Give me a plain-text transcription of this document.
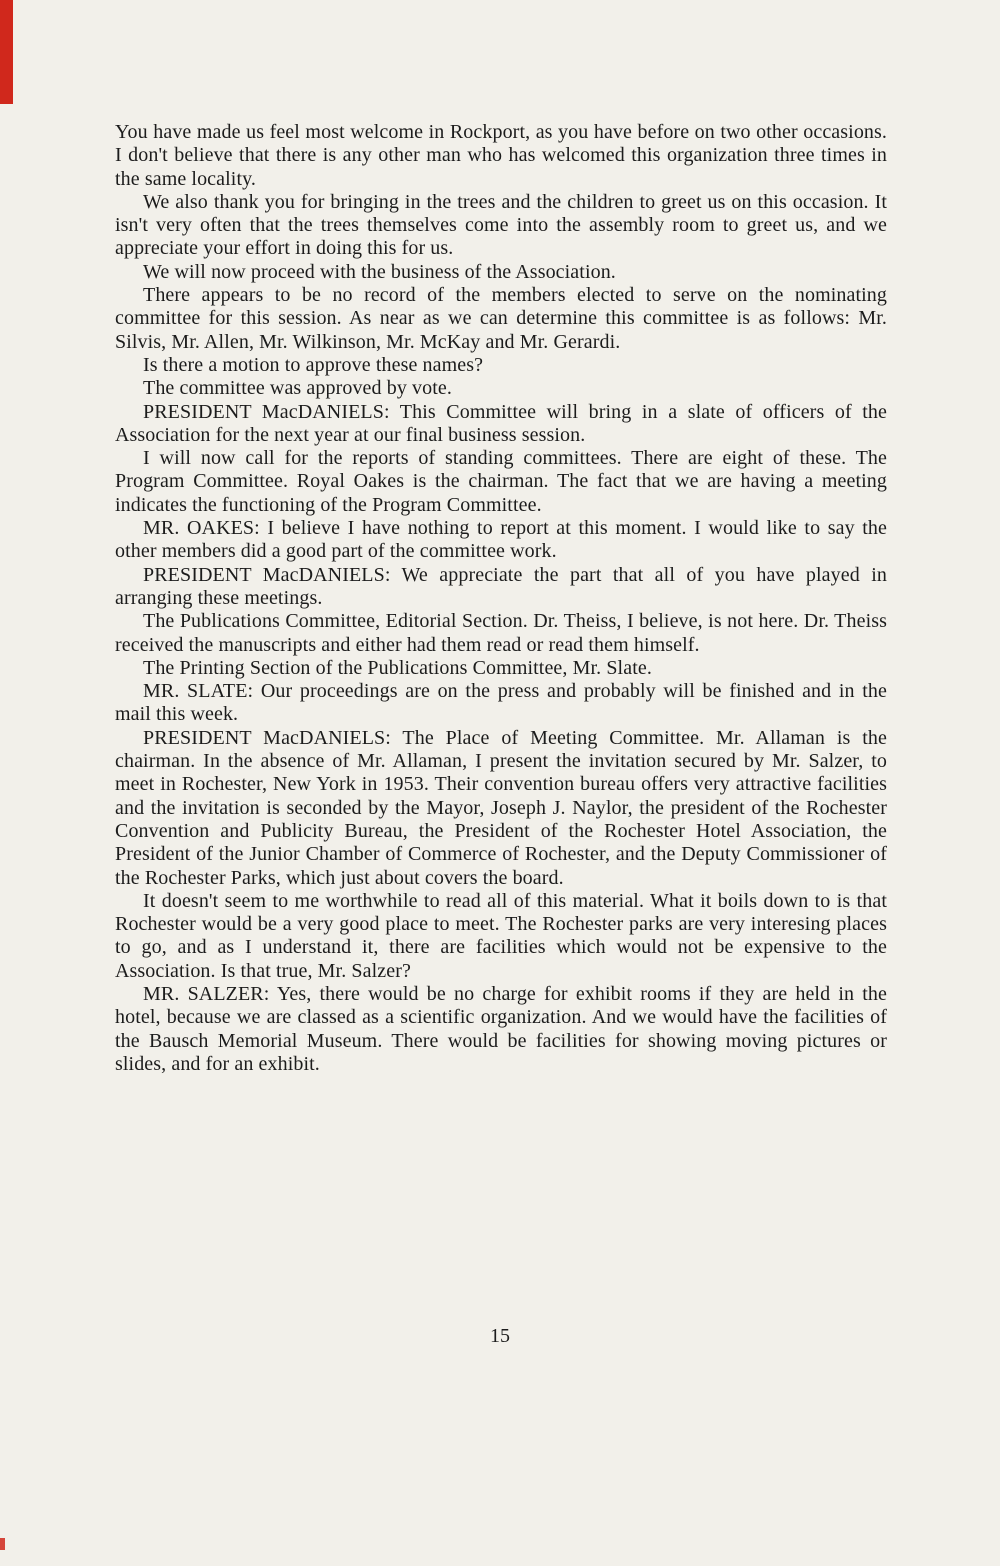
You have made us feel most welcome in Rockport, as you have before on two other occasions. I don't believe that there is any other man who has welcomed this organization three times in the same locality.

We also thank you for bringing in the trees and the children to greet us on this occasion. It isn't very often that the trees themselves come into the assembly room to greet us, and we appreciate your effort in doing this for us.

We will now proceed with the business of the Association.

There appears to be no record of the members elected to serve on the nominating committee for this session. As near as we can determine this committee is as follows: Mr. Silvis, Mr. Allen, Mr. Wilkinson, Mr. McKay and Mr. Gerardi.

Is there a motion to approve these names?

The committee was approved by vote.

PRESIDENT MacDANIELS: This Committee will bring in a slate of officers of the Association for the next year at our final business session.

I will now call for the reports of standing committees. There are eight of these. The Program Committee. Royal Oakes is the chairman. The fact that we are having a meeting indicates the functioning of the Program Committee.

MR. OAKES: I believe I have nothing to report at this moment. I would like to say the other members did a good part of the committee work.

PRESIDENT MacDANIELS: We appreciate the part that all of you have played in arranging these meetings.

The Publications Committee, Editorial Section. Dr. Theiss, I believe, is not here. Dr. Theiss received the manuscripts and either had them read or read them himself.

The Printing Section of the Publications Committee, Mr. Slate.

MR. SLATE: Our proceedings are on the press and probably will be finished and in the mail this week.

PRESIDENT MacDANIELS: The Place of Meeting Committee. Mr. Allaman is the chairman. In the absence of Mr. Allaman, I present the invitation secured by Mr. Salzer, to meet in Rochester, New York in 1953. Their convention bureau offers very attractive facilities and the invitation is seconded by the Mayor, Joseph J. Naylor, the president of the Rochester Convention and Publicity Bureau, the President of the Rochester Hotel Association, the President of the Junior Chamber of Commerce of Rochester, and the Deputy Commissioner of the Rochester Parks, which just about covers the board.

It doesn't seem to me worthwhile to read all of this material. What it boils down to is that Rochester would be a very good place to meet. The Rochester parks are very interesing places to go, and as I understand it, there are facilities which would not be expensive to the Association. Is that true, Mr. Salzer?

MR. SALZER: Yes, there would be no charge for exhibit rooms if they are held in the hotel, because we are classed as a scientific organization. And we would have the facilities of the Bausch Memorial Museum. There would be facilities for showing moving pictures or slides, and for an exhibit.

15
